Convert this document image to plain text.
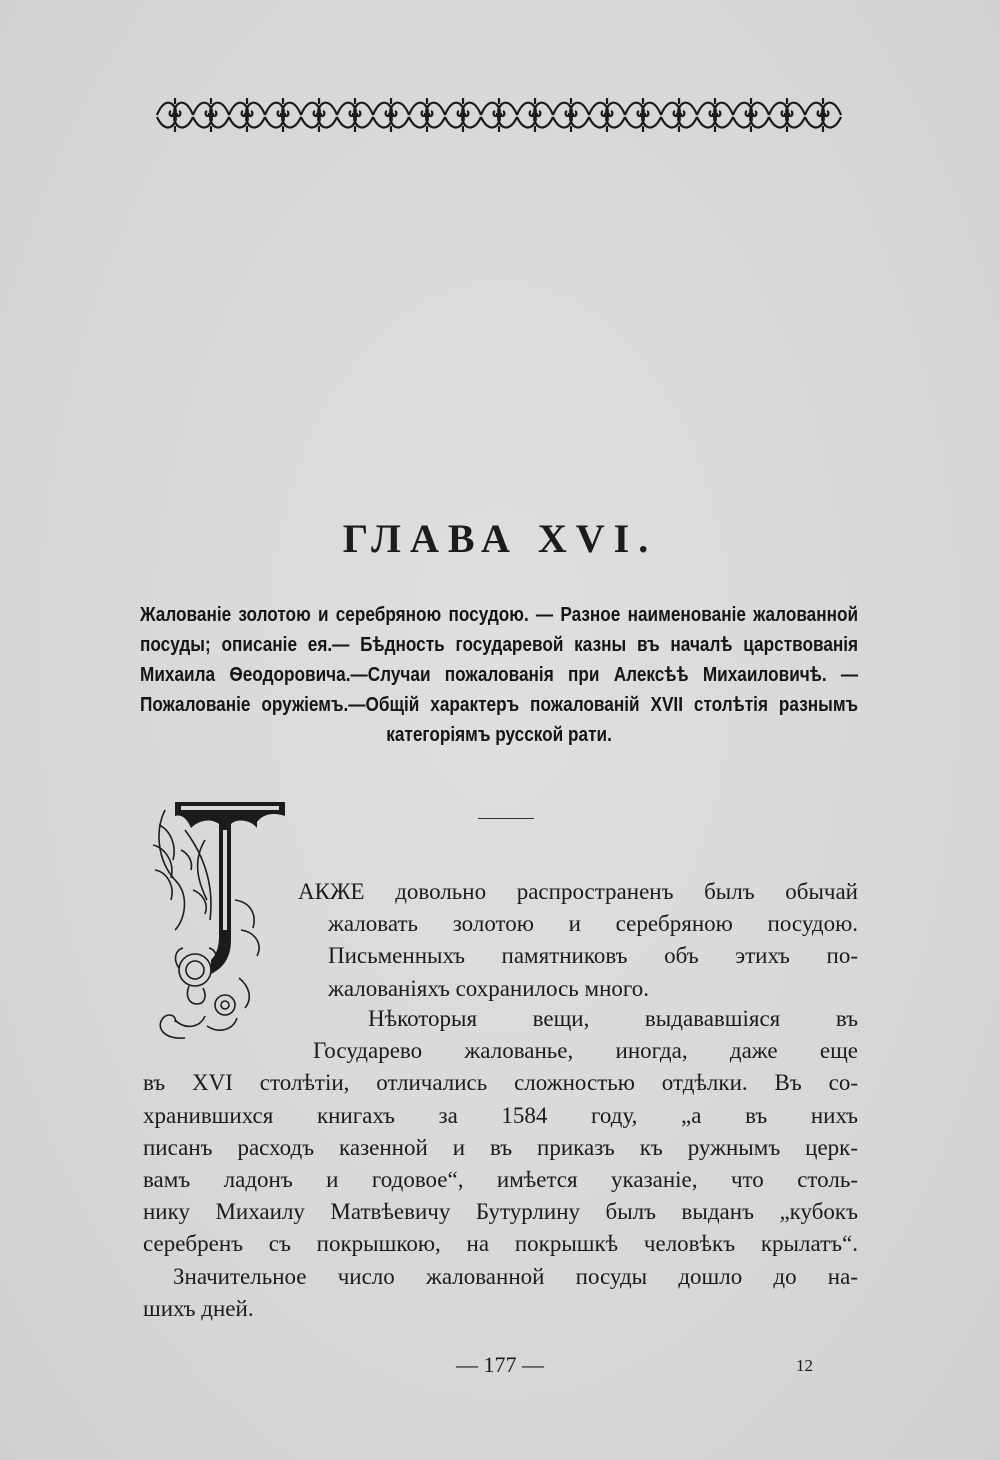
ГЛАВА XVI.
Жалованіе золотою и серебряною посудою. — Разное наименованіе жалованной посуды; описаніе ея.— Бѣдность государевой казны въ началѣ царствованія Михаила Ѳеодоровича.—Случаи пожалованія при Алексѣѣ Михаиловичѣ. — Пожалованіе оружіемъ.—Общій характеръ пожалованій XVII столѣтія разнымъ категоріямъ русской рати.
АКЖЕ довольно распространенъ былъ обычай
жаловать золотою и серебряною посудою.
Письменныхъ памятниковъ объ этихъ по-
жалованіяхъ сохранилось много.
Нѣкоторыя вещи, выдававшіяся въ
Государево жалованье, иногда, даже еще
въ XVI столѣтіи, отличались сложностью отдѣлки. Въ со-
хранившихся книгахъ за 1584 году, „а въ нихъ
писанъ расходъ казенной и въ приказъ къ ружнымъ церк-
вамъ ладонъ и годовое“, имѣется указаніе, что столь-
нику Михаилу Матвѣевичу Бутурлину былъ выданъ „кубокъ
серебренъ съ покрышкою, на покрышкѣ человѣкъ крылатъ“.
Значительное число жалованной посуды дошло до на-
шихъ дней.
— 177 —	12
